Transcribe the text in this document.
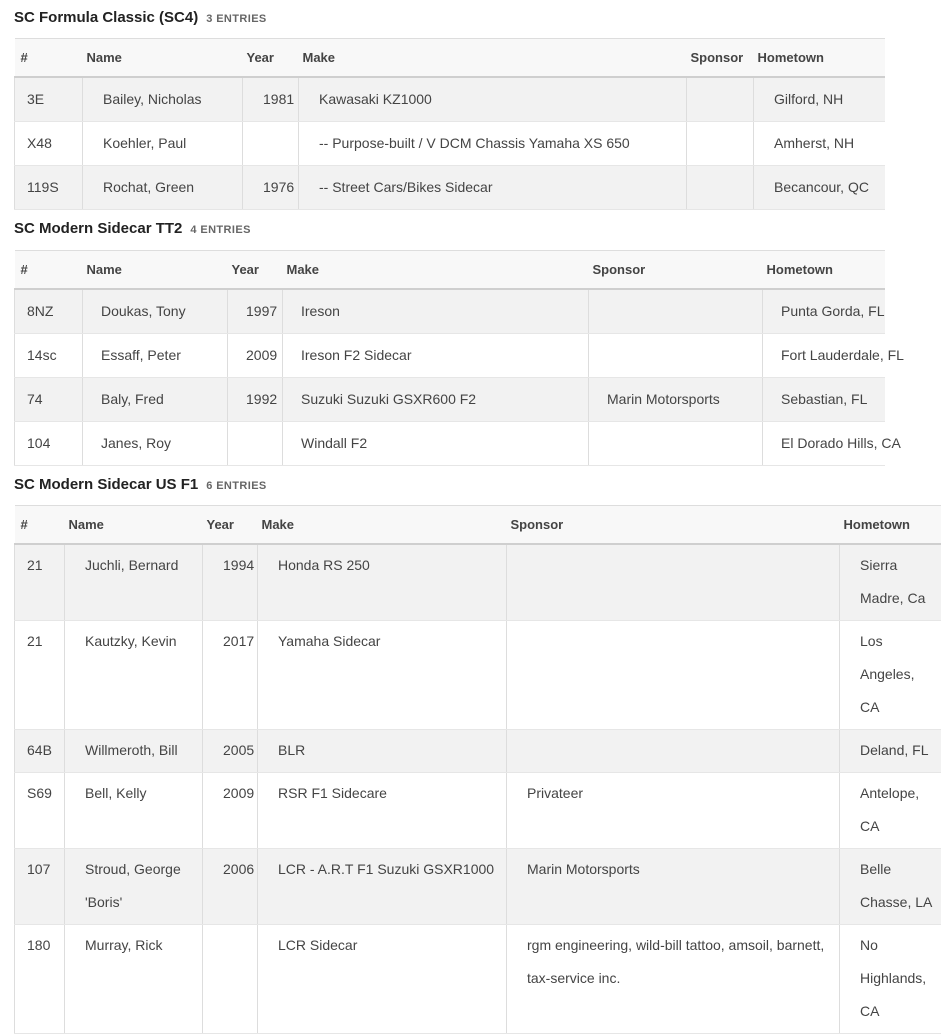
SC Formula Classic (SC4) 3 ENTRIES
#	Name	Year	Make	Sponsor	Hometown
3E	Bailey, Nicholas	1981	Kawasaki KZ1000		Gilford, NH
X48	Koehler, Paul		-- Purpose-built / V DCM Chassis Yamaha XS 650		Amherst, NH
119S	Rochat, Green	1976	-- Street Cars/Bikes Sidecar		Becancour, QC
SC Modern Sidecar TT2 4 ENTRIES
#	Name	Year	Make	Sponsor	Hometown
8NZ	Doukas, Tony	1997	Ireson		Punta Gorda, FL
14sc	Essaff, Peter	2009	Ireson F2 Sidecar		Fort Lauderdale, FL
74	Baly, Fred	1992	Suzuki Suzuki GSXR600 F2	Marin Motorsports	Sebastian, FL
104	Janes, Roy		Windall F2		El Dorado Hills, CA
SC Modern Sidecar US F1 6 ENTRIES
#	Name	Year	Make	Sponsor	Hometown
21	Juchli, Bernard	1994	Honda RS 250		Sierra Madre, Ca
21	Kautzky, Kevin	2017	Yamaha Sidecar		Los Angeles, CA
64B	Willmeroth, Bill	2005	BLR		Deland, FL
S69	Bell, Kelly	2009	RSR F1 Sidecare	Privateer	Antelope, CA
107	Stroud, George 'Boris'	2006	LCR - A.R.T F1 Suzuki GSXR1000	Marin Motorsports	Belle Chasse, LA
180	Murray, Rick		LCR Sidecar	rgm engineering, wild-bill tattoo, amsoil, barnett, tax-service inc.	No Highlands, CA
